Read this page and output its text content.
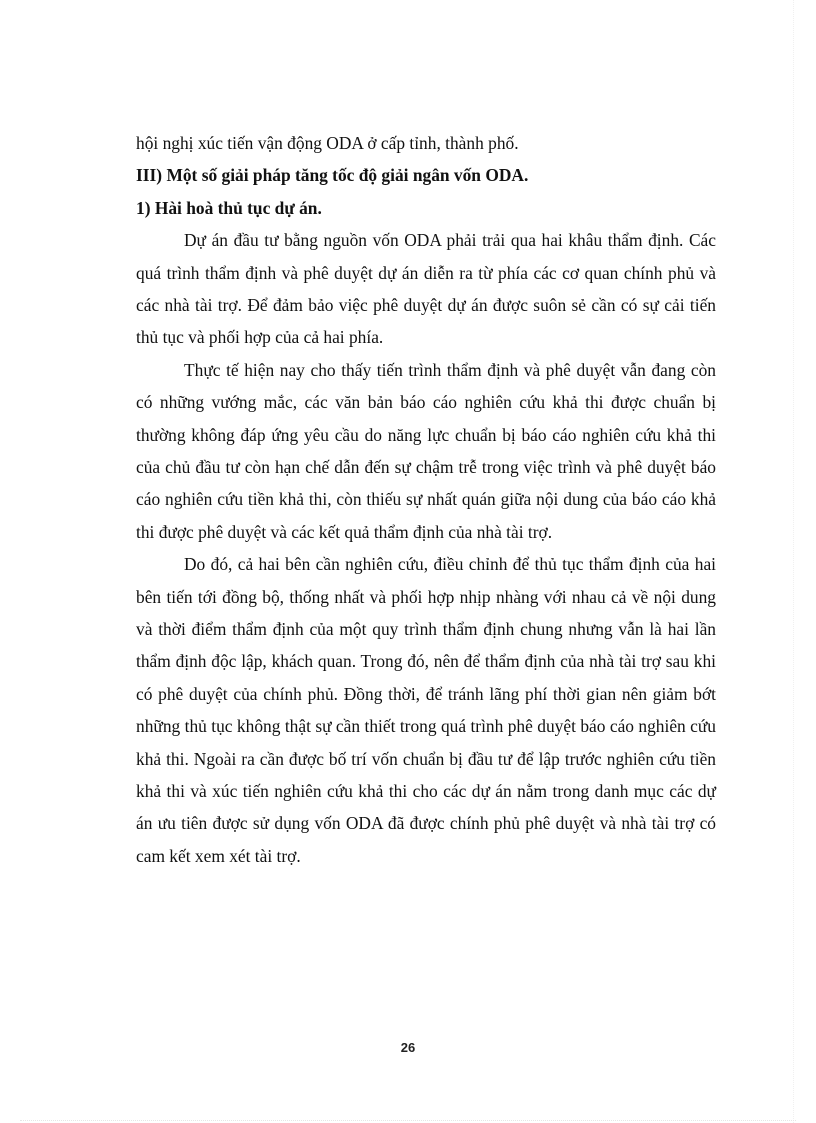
hội nghị xúc tiến vận động ODA ở cấp tỉnh, thành phố.
III) Một số giải pháp tăng tốc độ giải ngân vốn ODA.
1) Hài hoà thủ tục dự án.

Dự án đầu tư bằng nguồn vốn ODA phải trải qua hai khâu thẩm định. Các quá trình thẩm định và phê duyệt dự án diễn ra từ phía các cơ quan chính phủ và các nhà tài trợ. Để đảm bảo việc phê duyệt dự án được suôn sẻ cần có sự cải tiến thủ tục và phối hợp của cả hai phía.

Thực tế hiện nay cho thấy tiến trình thẩm định và phê duyệt vẫn đang còn có những vướng mắc, các văn bản báo cáo nghiên cứu khả thi được chuẩn bị thường không đáp ứng yêu cầu do năng lực chuẩn bị báo cáo nghiên cứu khả thi của chủ đầu tư còn hạn chế dẫn đến sự chậm trễ trong việc trình và phê duyệt báo cáo nghiên cứu tiền khả thi, còn thiếu sự nhất quán giữa nội dung của báo cáo khả thi được phê duyệt và các kết quả thẩm định của nhà tài trợ.

Do đó, cả hai bên cần nghiên cứu, điều chỉnh để thủ tục thẩm định của hai bên tiến tới đồng bộ, thống nhất và phối hợp nhịp nhàng với nhau cả về nội dung và thời điểm thẩm định của một quy trình thẩm định chung nhưng vẫn là hai lần thẩm định độc lập, khách quan. Trong đó, nên để thẩm định của nhà tài trợ sau khi có phê duyệt của chính phủ. Đồng thời, để tránh lãng phí thời gian nên giảm bớt những thủ tục không thật sự cần thiết trong quá trình phê duyệt báo cáo nghiên cứu khả thi. Ngoài ra cần được bố trí vốn chuẩn bị đầu tư để lập trước nghiên cứu tiền khả thi và xúc tiến nghiên cứu khả thi cho các dự án nằm trong danh mục các dự án ưu tiên được sử dụng vốn ODA đã được chính phủ phê duyệt và nhà tài trợ có cam kết xem xét tài trợ.

26
